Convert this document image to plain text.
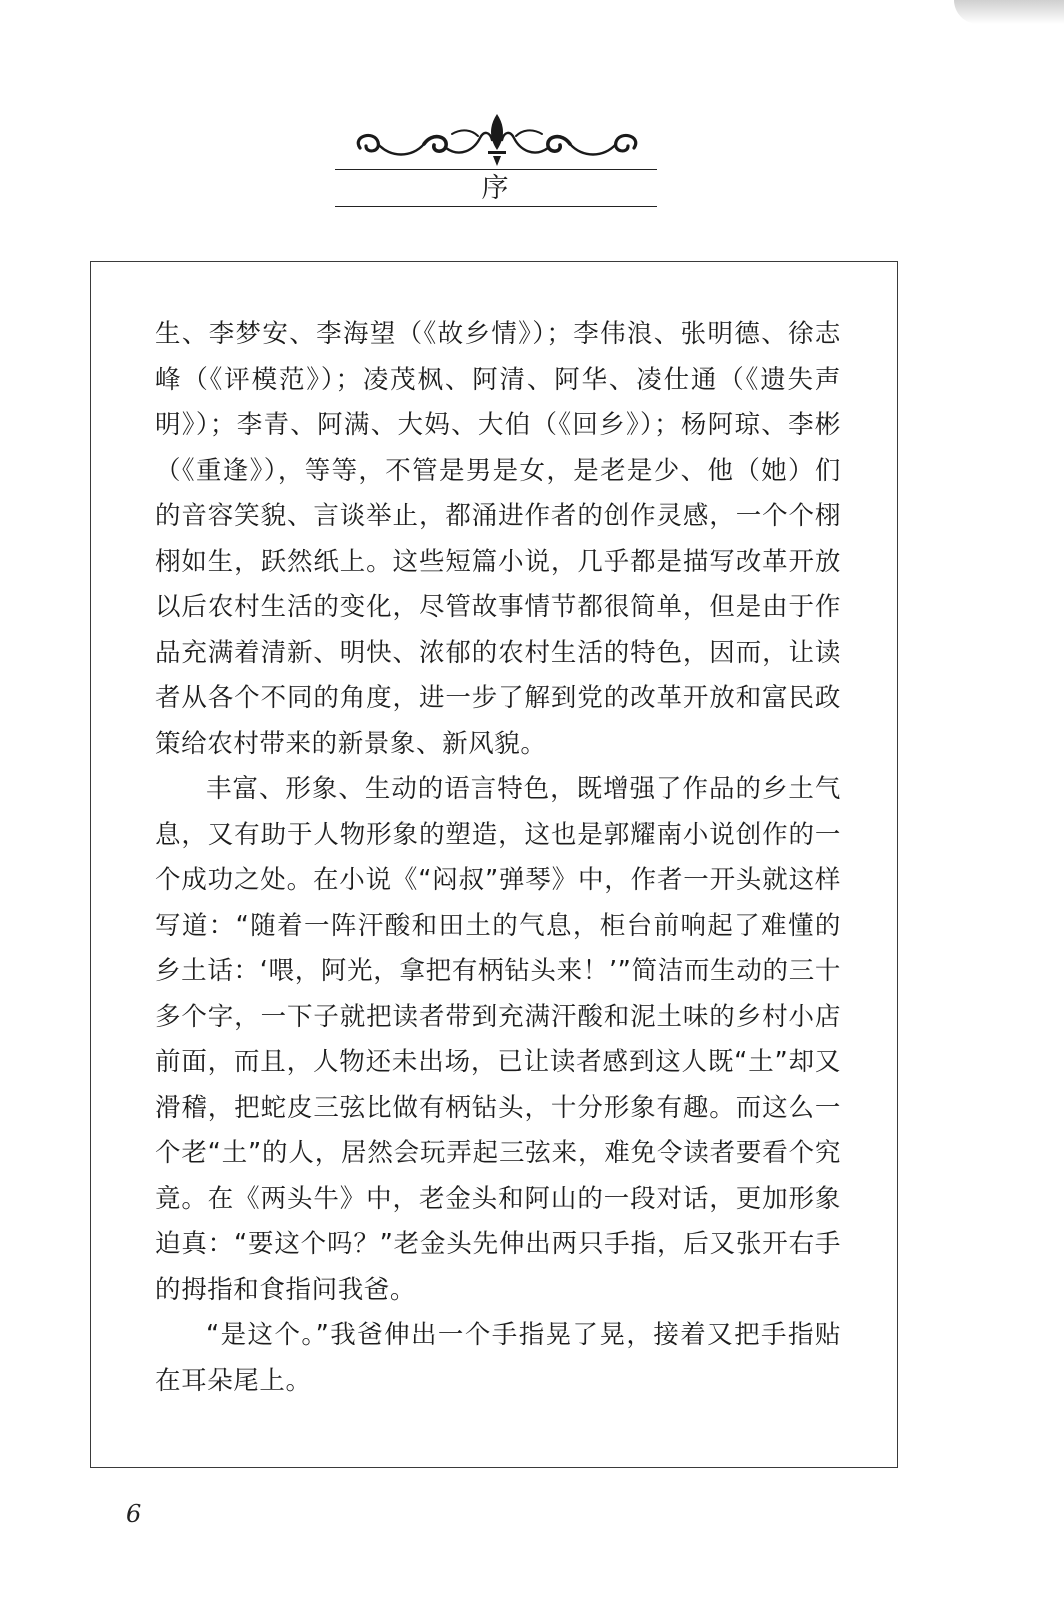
序

生、李梦安、李海望（《故乡情》）；李伟浪、张明德、徐志峰（《评模范》）；凌茂枫、阿清、阿华、凌仕通（《遗失声明》）；李青、阿满、大妈、大伯（《回乡》）；杨阿琼、李彬（《重逢》），等等，不管是男是女，是老是少、他（她）们的音容笑貌、言谈举止，都涌进作者的创作灵感，一个个栩栩如生，跃然纸上。这些短篇小说，几乎都是描写改革开放以后农村生活的变化，尽管故事情节都很简单，但是由于作品充满着清新、明快、浓郁的农村生活的特色，因而，让读者从各个不同的角度，进一步了解到党的改革开放和富民政策给农村带来的新景象、新风貌。

丰富、形象、生动的语言特色，既增强了作品的乡土气息，又有助于人物形象的塑造，这也是郭耀南小说创作的一个成功之处。在小说《“闷叔”弹琴》中，作者一开头就这样写道：“随着一阵汗酸和田土的气息，柜台前响起了难懂的乡土话：‘喂，阿光，拿把有柄钻头来！’”简洁而生动的三十多个字，一下子就把读者带到充满汗酸和泥土味的乡村小店前面，而且，人物还未出场，已让读者感到这人既“土”却又滑稽，把蛇皮三弦比做有柄钻头，十分形象有趣。而这么一个老“土”的人，居然会玩弄起三弦来，难免令读者要看个究竟。在《两头牛》中，老金头和阿山的一段对话，更加形象迫真：“要这个吗？”老金头先伸出两只手指，后又张开右手的拇指和食指问我爸。

“是这个。”我爸伸出一个手指晃了晃，接着又把手指贴在耳朵尾上。

6
